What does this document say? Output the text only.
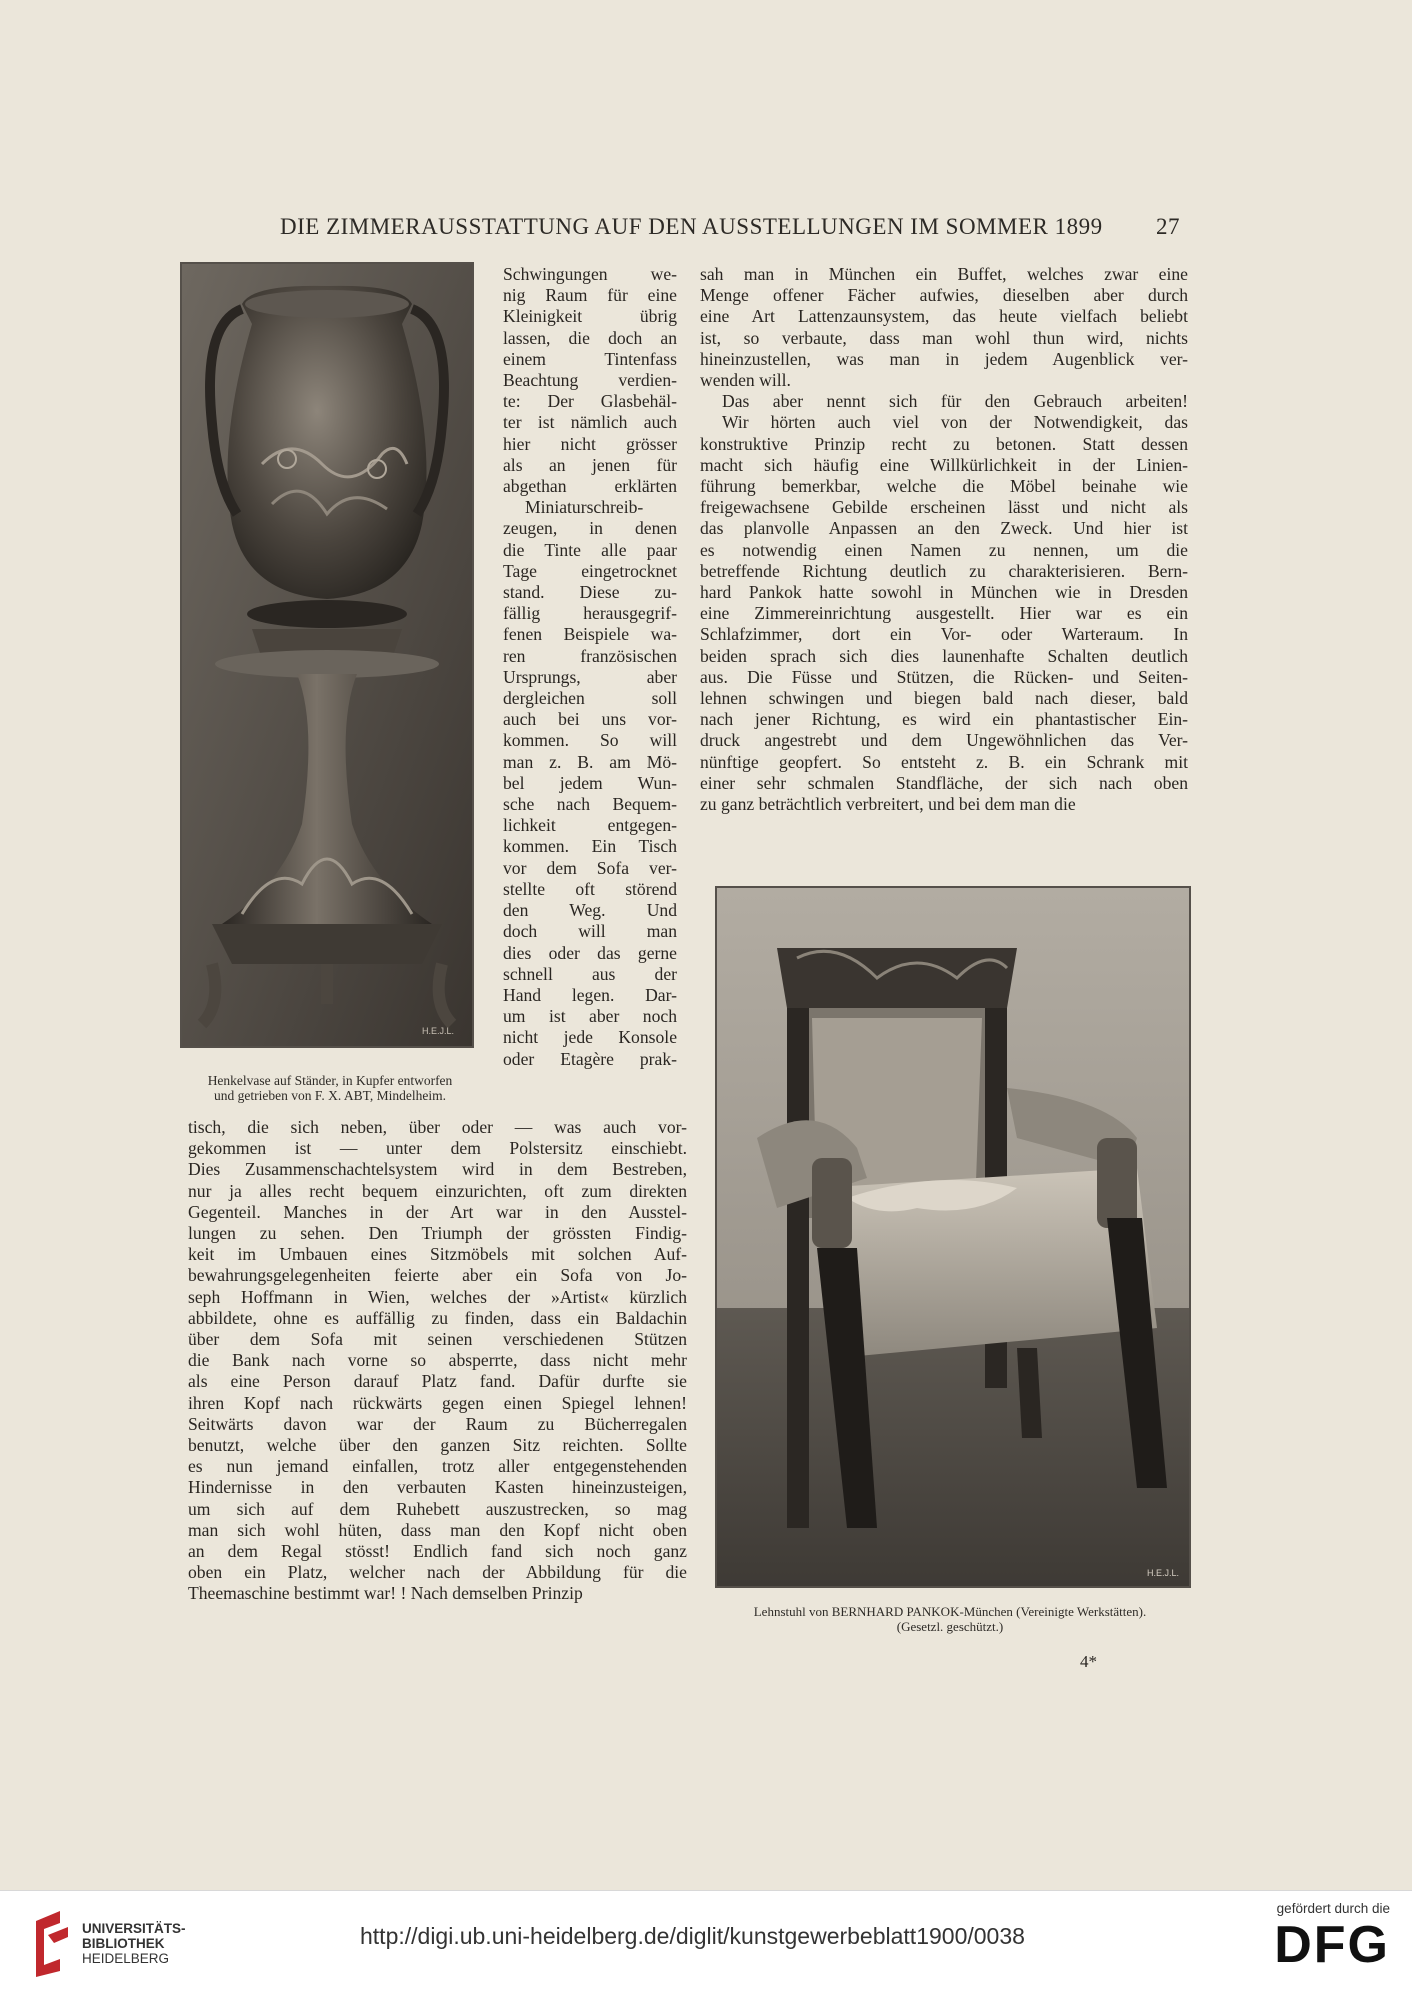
DIE ZIMMERAUSSTATTUNG AUF DEN AUSSTELLUNGEN IM SOMMER 1899 27
H.E.J.L.
Henkelvase auf Ständer, in Kupfer entworfen
und getrieben von F. X. ABT, Mindelheim.
Schwingungen we-
nig Raum für eine
Kleinigkeit übrig
lassen, die doch an
einem Tintenfass
Beachtung verdien-
te: Der Glasbehäl-
ter ist nämlich auch
hier nicht grösser
als an jenen für
abgethan erklärten
Miniaturschreib-
zeugen, in denen
die Tinte alle paar
Tage eingetrocknet
stand. Diese zu-
fällig herausgegrif-
fenen Beispiele wa-
ren französischen
Ursprungs, aber
dergleichen soll
auch bei uns vor-
kommen. So will
man z. B. am Mö-
bel jedem Wun-
sche nach Bequem-
lichkeit entgegen-
kommen. Ein Tisch
vor dem Sofa ver-
stellte oft störend
den Weg. Und
doch will man
dies oder das gerne
schnell aus der
Hand legen. Dar-
um ist aber noch
nicht jede Konsole
oder Etagère prak-
tisch, die sich neben, über oder — was auch vor-
gekommen ist — unter dem Polstersitz einschiebt.
Dies Zusammenschachtelsystem wird in dem Bestreben,
nur ja alles recht bequem einzurichten, oft zum direkten
Gegenteil. Manches in der Art war in den Ausstel-
lungen zu sehen. Den Triumph der grössten Findig-
keit im Umbauen eines Sitzmöbels mit solchen Auf-
bewahrungsgelegenheiten feierte aber ein Sofa von Jo-
seph Hoffmann in Wien, welches der »Artist« kürzlich
abbildete, ohne es auffällig zu finden, dass ein Baldachin
über dem Sofa mit seinen verschiedenen Stützen
die Bank nach vorne so absperrte, dass nicht mehr
als eine Person darauf Platz fand. Dafür durfte sie
ihren Kopf nach rückwärts gegen einen Spiegel lehnen!
Seitwärts davon war der Raum zu Bücherregalen
benutzt, welche über den ganzen Sitz reichten. Sollte
es nun jemand einfallen, trotz aller entgegenstehenden
Hindernisse in den verbauten Kasten hineinzusteigen,
um sich auf dem Ruhebett auszustrecken, so mag
man sich wohl hüten, dass man den Kopf nicht oben
an dem Regal stösst! Endlich fand sich noch ganz
oben ein Platz, welcher nach der Abbildung für die
Theemaschine bestimmt war! ! Nach demselben Prinzip
sah man in München ein Buffet, welches zwar eine
Menge offener Fächer aufwies, dieselben aber durch
eine Art Lattenzaunsystem, das heute vielfach beliebt
ist, so verbaute, dass man wohl thun wird, nichts
hineinzustellen, was man in jedem Augenblick ver-
wenden will.
Das aber nennt sich für den Gebrauch arbeiten!
Wir hörten auch viel von der Notwendigkeit, das
konstruktive Prinzip recht zu betonen. Statt dessen
macht sich häufig eine Willkürlichkeit in der Linien-
führung bemerkbar, welche die Möbel beinahe wie
freigewachsene Gebilde erscheinen lässt und nicht als
das planvolle Anpassen an den Zweck. Und hier ist
es notwendig einen Namen zu nennen, um die
betreffende Richtung deutlich zu charakterisieren. Bern-
hard Pankok hatte sowohl in München wie in Dresden
eine Zimmereinrichtung ausgestellt. Hier war es ein
Schlafzimmer, dort ein Vor- oder Warteraum. In
beiden sprach sich dies launenhafte Schalten deutlich
aus. Die Füsse und Stützen, die Rücken- und Seiten-
lehnen schwingen und biegen bald nach dieser, bald
nach jener Richtung, es wird ein phantastischer Ein-
druck angestrebt und dem Ungewöhnlichen das Ver-
nünftige geopfert. So entsteht z. B. ein Schrank mit
einer sehr schmalen Standfläche, der sich nach oben
zu ganz beträchtlich verbreitert, und bei dem man die
H.E.J.L.
Lehnstuhl von BERNHARD PANKOK-München (Vereinigte Werkstätten).
(Gesetzl. geschützt.)
4*
UNIVERSITÄTS-
BIBLIOTHEK
HEIDELBERG
http://digi.ub.uni-heidelberg.de/diglit/kunstgewerbeblatt1900/0038
gefördert durch die
DFG
